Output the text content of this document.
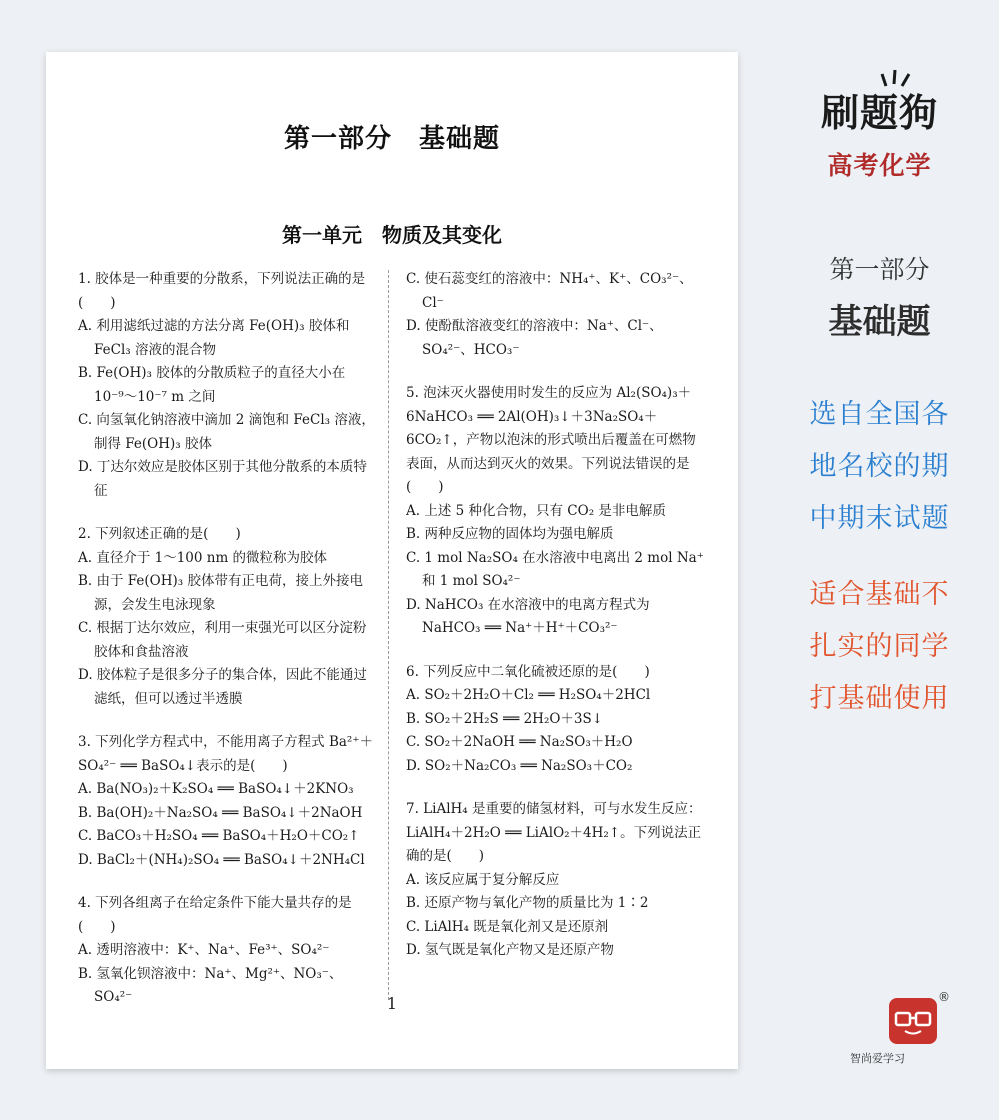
第一部分　基础题
第一单元　物质及其变化

1. 胶体是一种重要的分散系，下列说法正确的是(　　)

A. 利用滤纸过滤的方法分离 Fe(OH)₃ 胶体和 FeCl₃ 溶液的混合物

B. Fe(OH)₃ 胶体的分散质粒子的直径大小在 10⁻⁹～10⁻⁷ m 之间

C. 向氢氧化钠溶液中滴加 2 滴饱和 FeCl₃ 溶液，制得 Fe(OH)₃ 胶体

D. 丁达尔效应是胶体区别于其他分散系的本质特征

2. 下列叙述正确的是(　　)

A. 直径介于 1～100 nm 的微粒称为胶体

B. 由于 Fe(OH)₃ 胶体带有正电荷，接上外接电源，会发生电泳现象

C. 根据丁达尔效应，利用一束强光可以区分淀粉胶体和食盐溶液

D. 胶体粒子是很多分子的集合体，因此不能通过滤纸，但可以透过半透膜

3. 下列化学方程式中，不能用离子方程式 Ba²⁺＋SO₄²⁻ ══ BaSO₄↓表示的是(　　)

A. Ba(NO₃)₂＋K₂SO₄ ══ BaSO₄↓＋2KNO₃

B. Ba(OH)₂＋Na₂SO₄ ══ BaSO₄↓＋2NaOH

C. BaCO₃＋H₂SO₄ ══ BaSO₄＋H₂O＋CO₂↑

D. BaCl₂＋(NH₄)₂SO₄ ══ BaSO₄↓＋2NH₄Cl

4. 下列各组离子在给定条件下能大量共存的是(　　)

A. 透明溶液中：K⁺、Na⁺、Fe³⁺、SO₄²⁻

B. 氢氧化钡溶液中：Na⁺、Mg²⁺、NO₃⁻、SO₄²⁻

C. 使石蕊变红的溶液中：NH₄⁺、K⁺、CO₃²⁻、Cl⁻

D. 使酚酞溶液变红的溶液中：Na⁺、Cl⁻、SO₄²⁻、HCO₃⁻

5. 泡沫灭火器使用时发生的反应为 Al₂(SO₄)₃＋6NaHCO₃ ══ 2Al(OH)₃↓＋3Na₂SO₄＋6CO₂↑，产物以泡沫的形式喷出后覆盖在可燃物表面，从而达到灭火的效果。下列说法错误的是(　　)

A. 上述 5 种化合物，只有 CO₂ 是非电解质

B. 两种反应物的固体均为强电解质

C. 1 mol Na₂SO₄ 在水溶液中电离出 2 mol Na⁺和 1 mol SO₄²⁻

D. NaHCO₃ 在水溶液中的电离方程式为

NaHCO₃ ══ Na⁺＋H⁺＋CO₃²⁻

6. 下列反应中二氧化硫被还原的是(　　)

A. SO₂＋2H₂O＋Cl₂ ══ H₂SO₄＋2HCl

B. SO₂＋2H₂S ══ 2H₂O＋3S↓

C. SO₂＋2NaOH ══ Na₂SO₃＋H₂O

D. SO₂＋Na₂CO₃ ══ Na₂SO₃＋CO₂

7. LiAlH₄ 是重要的储氢材料，可与水发生反应：LiAlH₄＋2H₂O ══ LiAlO₂＋4H₂↑。下列说法正确的是(　　)

A. 该反应属于复分解反应

B. 还原产物与氧化产物的质量比为 1∶2

C. LiAlH₄ 既是氧化剂又是还原剂

D. 氢气既是氧化产物又是还原产物

1
刷题狗
高考化学
第一部分
基础题
选自全国各
地名校的期
中期末试题
适合基础不
扎实的同学
打基础使用
®
智尚爱学习
